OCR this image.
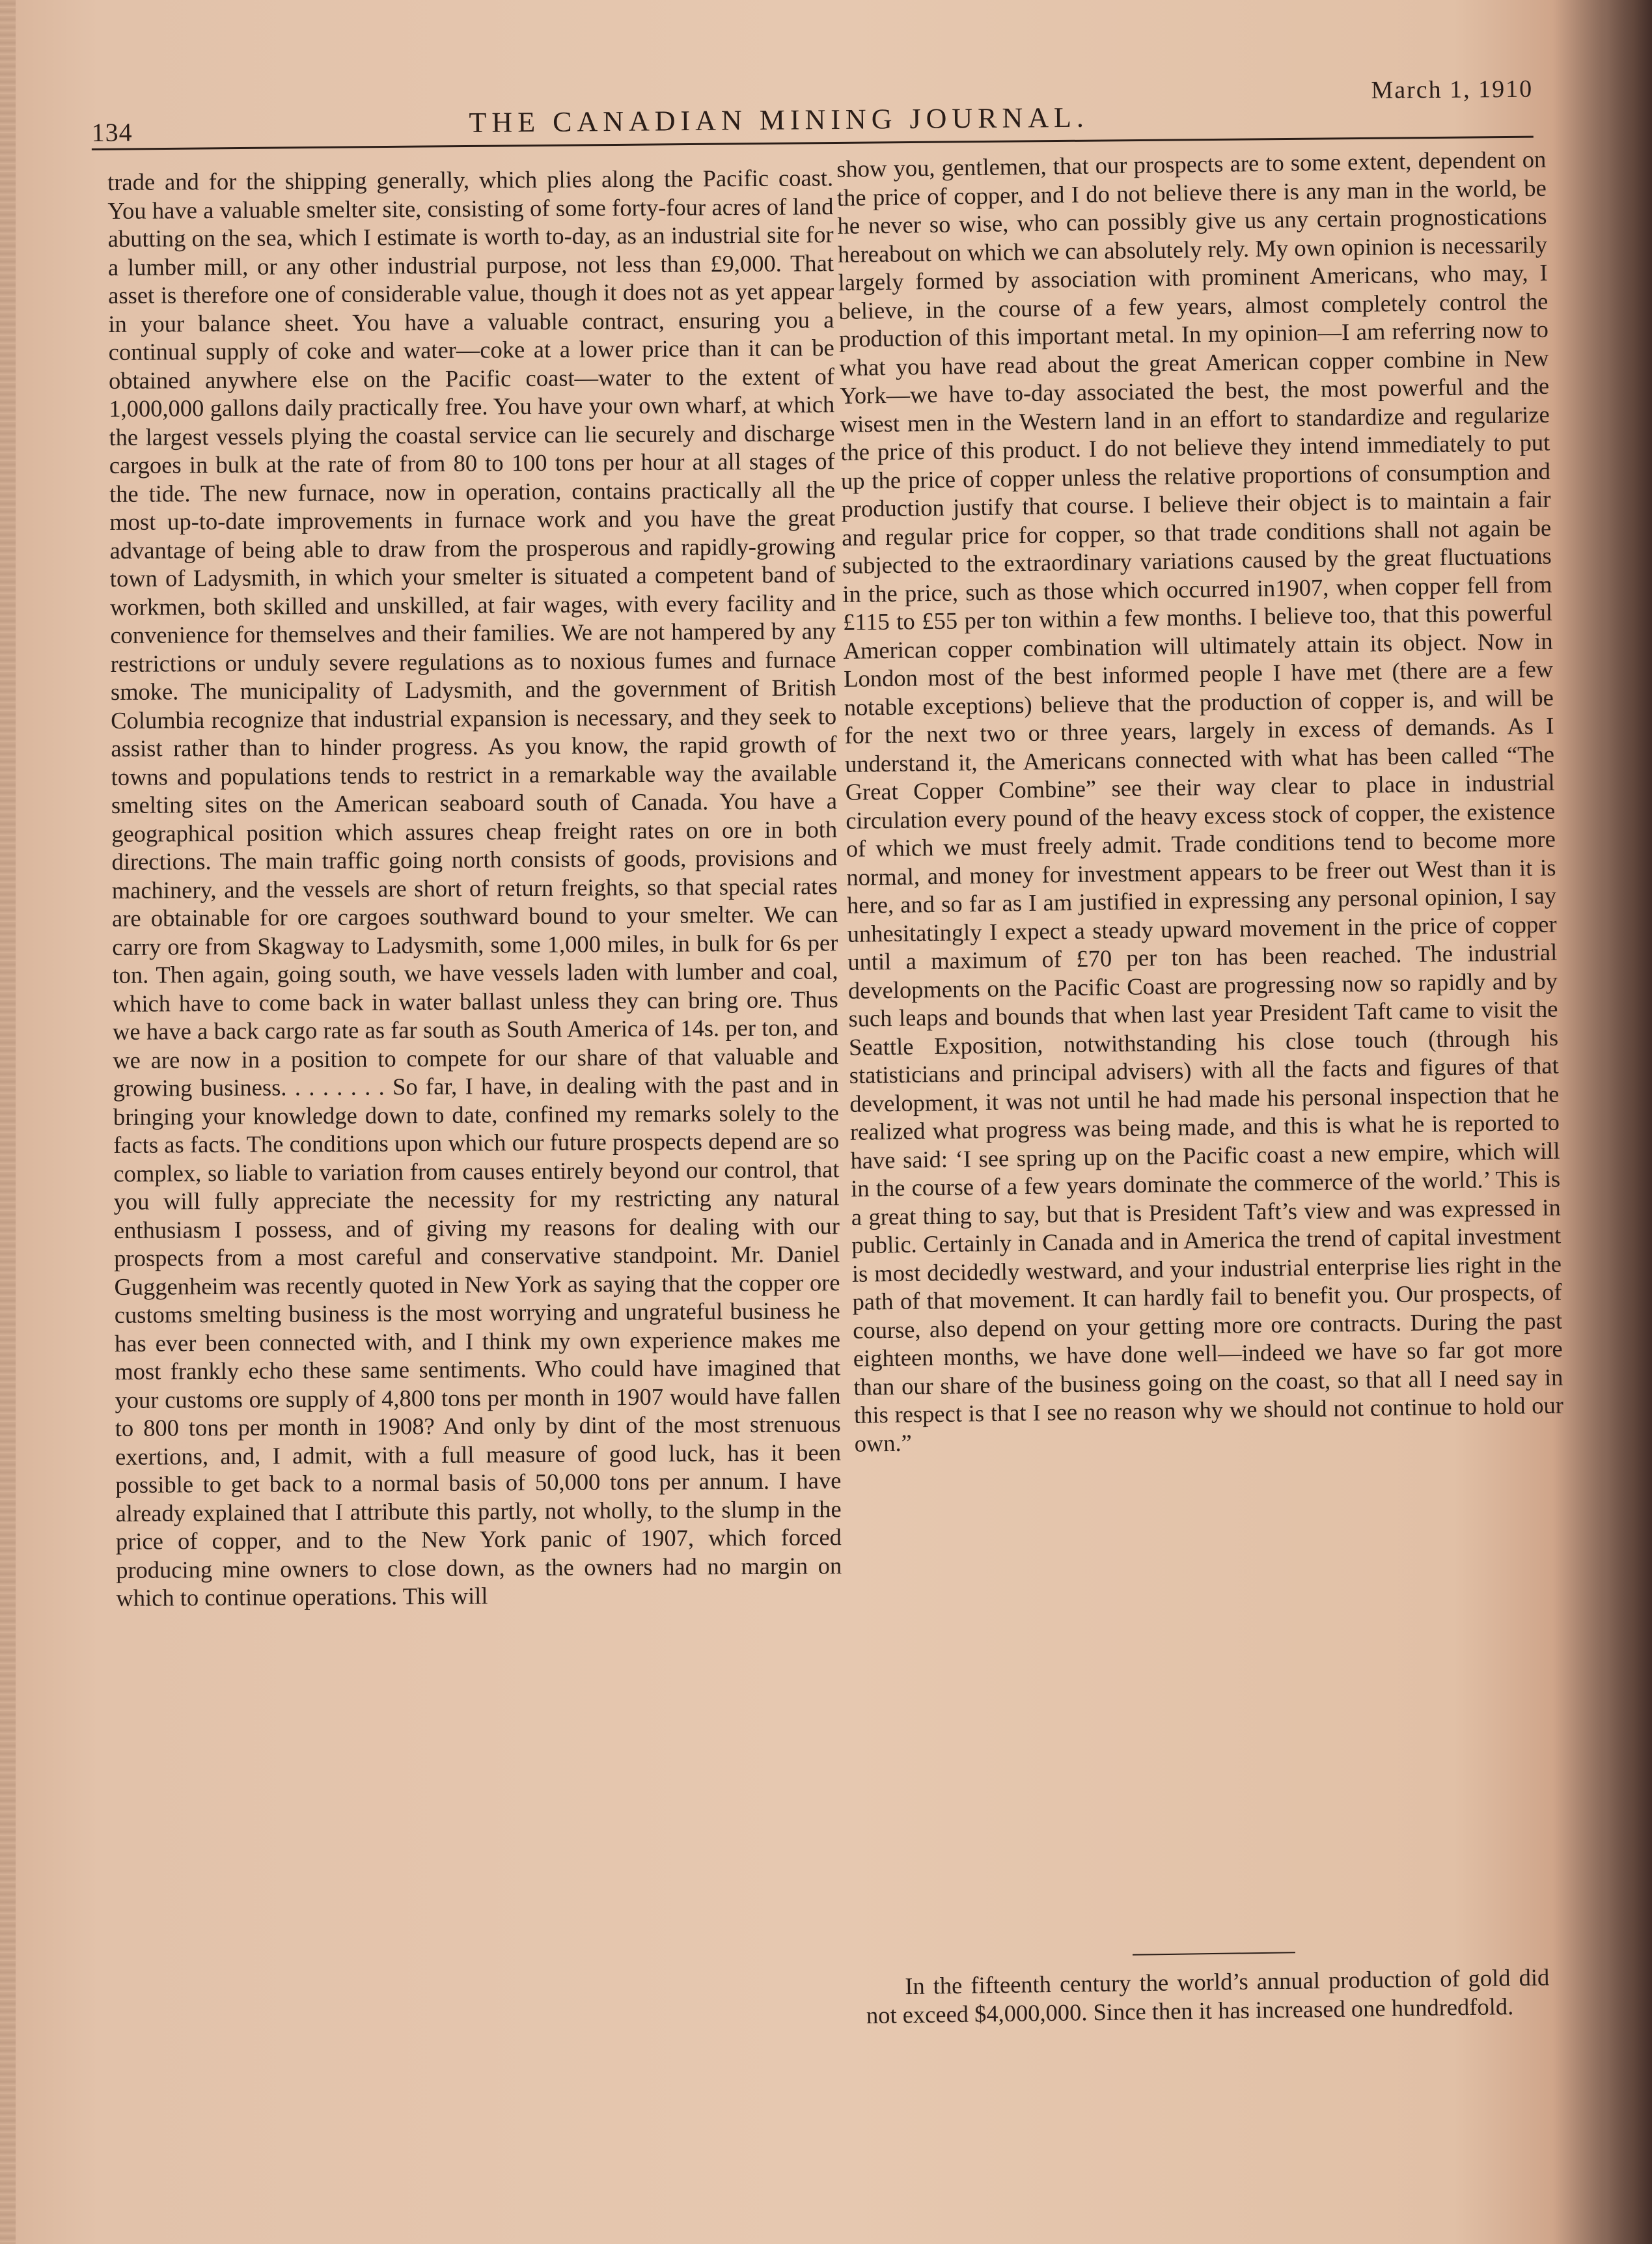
134	THE CANADIAN MINING JOURNAL.
March 1, 1910

trade and for the shipping generally, which plies along the Pacific coast. You have a valuable smelter site, consisting of some forty-four acres of land abutting on the sea, which I estimate is worth to-day, as an industrial site for a lumber mill, or any other industrial purpose, not less than £9,000. That asset is therefore one of considerable value, though it does not as yet appear in your balance sheet. You have a valuable contract, ensuring you a continual supply of coke and water—coke at a lower price than it can be obtained anywhere else on the Pacific coast—water to the extent of 1,000,000 gallons daily practically free. You have your own wharf, at which the largest vessels plying the coastal service can lie securely and discharge cargoes in bulk at the rate of from 80 to 100 tons per hour at all stages of the tide. The new furnace, now in operation, contains practically all the most up-to-date improvements in furnace work and you have the great advantage of being able to draw from the prosperous and rapidly-growing town of Ladysmith, in which your smelter is situated a competent band of workmen, both skilled and unskilled, at fair wages, with every facility and convenience for themselves and their families. We are not hampered by any restrictions or unduly severe regulations as to noxious fumes and furnace smoke. The municipality of Ladysmith, and the government of British Columbia recognize that industrial expansion is necessary, and they seek to assist rather than to hinder progress. As you know, the rapid growth of towns and populations tends to restrict in a remarkable way the available smelting sites on the American seaboard south of Canada. You have a geographical position which assures cheap freight rates on ore in both directions. The main traffic going north consists of goods, provisions and machinery, and the vessels are short of return freights, so that special rates are obtainable for ore cargoes southward bound to your smelter. We can carry ore from Skagway to Ladysmith, some 1,000 miles, in bulk for 6s per ton. Then again, going south, we have vessels laden with lumber and coal, which have to come back in water ballast unless they can bring ore. Thus we have a back cargo rate as far south as South America of 14s. per ton, and we are now in a position to compete for our share of that valuable and growing business. . . . . . . . So far, I have, in dealing with the past and in bringing your knowledge down to date, confined my remarks solely to the facts as facts. The conditions upon which our future prospects depend are so complex, so liable to variation from causes entirely beyond our control, that you will fully appreciate the necessity for my restricting any natural enthusiasm I possess, and of giving my reasons for dealing with our prospects from a most careful and conservative standpoint. Mr. Daniel Guggenheim was recently quoted in New York as saying that the copper ore customs smelting business is the most worrying and ungrateful business he has ever been connected with, and I think my own experience makes me most frankly echo these same sentiments. Who could have imagined that your customs ore supply of 4,800 tons per month in 1907 would have fallen to 800 tons per month in 1908? And only by dint of the most strenuous exertions, and, I admit, with a full measure of good luck, has it been possible to get back to a normal basis of 50,000 tons per annum. I have already explained that I attribute this partly, not wholly, to the slump in the price of copper, and to the New York panic of 1907, which forced producing mine owners to close down, as the owners had no margin on which to continue operations. This will

show you, gentlemen, that our prospects are to some extent, dependent on the price of copper, and I do not believe there is any man in the world, be he never so wise, who can possibly give us any certain prognostications hereabout on which we can absolutely rely. My own opinion is necessarily largely formed by association with prominent Americans, who may, I believe, in the course of a few years, almost completely control the production of this important metal. In my opinion—I am referring now to what you have read about the great American copper combine in New York—we have to-day associated the best, the most powerful and the wisest men in the Western land in an effort to standardize and regularize the price of this product. I do not believe they intend immediately to put up the price of copper unless the relative proportions of consumption and production justify that course. I believe their object is to maintain a fair and regular price for copper, so that trade conditions shall not again be subjected to the extraordinary variations caused by the great fluctuations in the price, such as those which occurred in1907, when copper fell from £115 to £55 per ton within a few months. I believe too, that this powerful American copper combination will ultimately attain its object. Now in London most of the best informed people I have met (there are a few notable exceptions) believe that the production of copper is, and will be for the next two or three years, largely in excess of demands. As I understand it, the Americans connected with what has been called “The Great Copper Combine” see their way clear to place in industrial circulation every pound of the heavy excess stock of copper, the existence of which we must freely admit. Trade conditions tend to become more normal, and money for investment appears to be freer out West than it is here, and so far as I am justified in expressing any personal opinion, I say unhesitatingly I expect a steady upward movement in the price of copper until a maximum of £70 per ton has been reached. The industrial developments on the Pacific Coast are progressing now so rapidly and by such leaps and bounds that when last year President Taft came to visit the Seattle Exposition, notwithstanding his close touch (through his statisticians and principal advisers) with all the facts and figures of that development, it was not until he had made his personal inspection that he realized what progress was being made, and this is what he is reported to have said: ‘I see spring up on the Pacific coast a new empire, which will in the course of a few years dominate the commerce of the world.’ This is a great thing to say, but that is President Taft’s view and was expressed in public. Certainly in Canada and in America the trend of capital investment is most decidedly westward, and your industrial enterprise lies right in the path of that movement. It can hardly fail to benefit you. Our prospects, of course, also depend on your getting more ore contracts. During the past eighteen months, we have done well—indeed we have so far got more than our share of the business going on the coast, so that all I need say in this respect is that I see no reason why we should not continue to hold our own.”

In the fifteenth century the world’s annual production of gold did not exceed $4,000,000. Since then it has increased one hundredfold.
